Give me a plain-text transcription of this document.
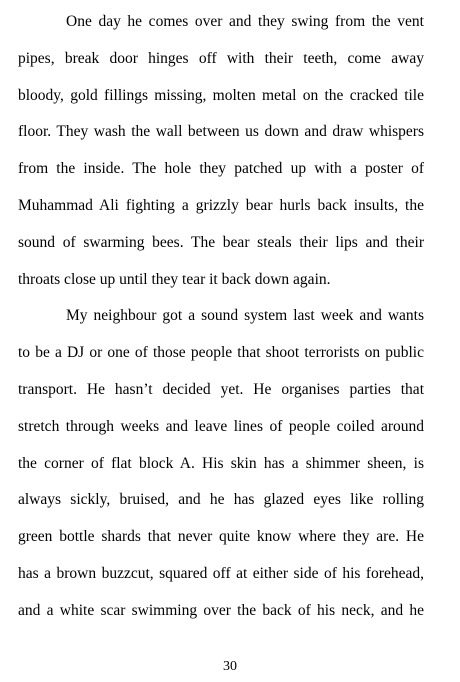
One day he comes over and they swing from the vent
pipes, break door hinges off with their teeth, come away
bloody, gold fillings missing, molten metal on the cracked tile
floor. They wash the wall between us down and draw whispers
from the inside. The hole they patched up with a poster of
Muhammad Ali fighting a grizzly bear hurls back insults, the
sound of swarming bees. The bear steals their lips and their
throats close up until they tear it back down again.
My neighbour got a sound system last week and wants
to be a DJ or one of those people that shoot terrorists on public
transport. He hasn’t decided yet. He organises parties that
stretch through weeks and leave lines of people coiled around
the corner of flat block A. His skin has a shimmer sheen, is
always sickly, bruised, and he has glazed eyes like rolling
green bottle shards that never quite know where they are. He
has a brown buzzcut, squared off at either side of his forehead,
and a white scar swimming over the back of his neck, and he
30
